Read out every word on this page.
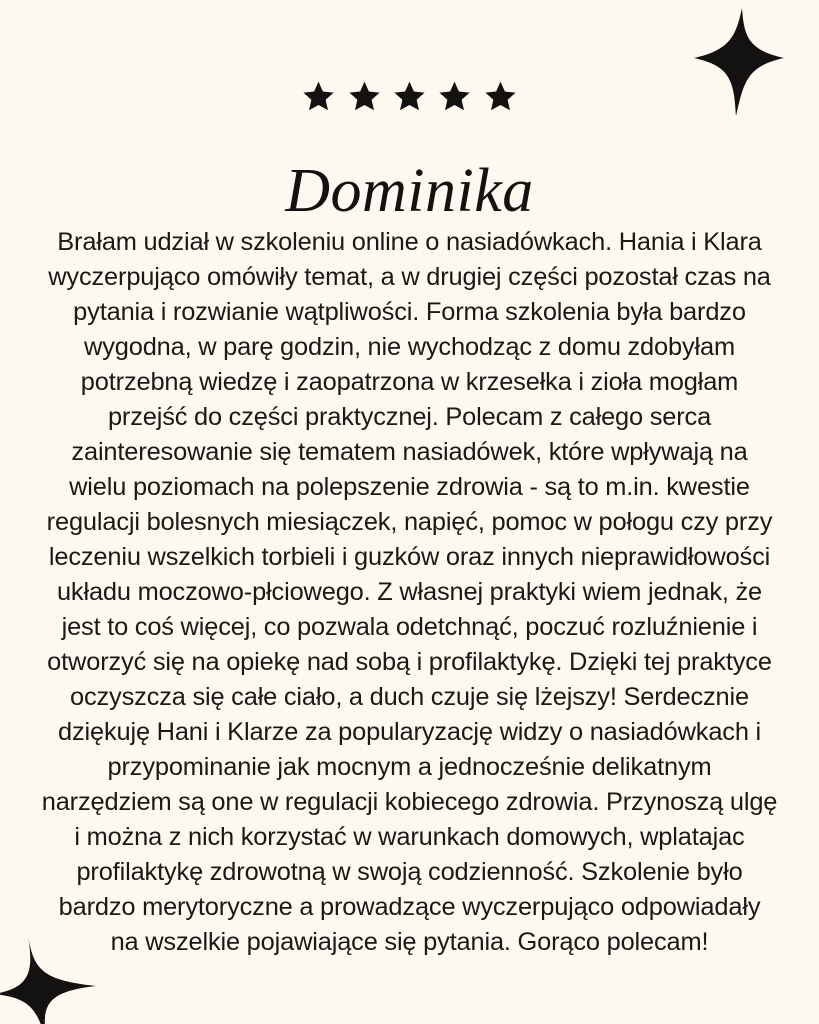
Dominika
Brałam udział w szkoleniu online o nasiadówkach. Hania i Klara
wyczerpująco omówiły temat, a w drugiej części pozostał czas na
pytania i rozwianie wątpliwości. Forma szkolenia była bardzo
wygodna, w parę godzin, nie wychodząc z domu zdobyłam
potrzebną wiedzę i zaopatrzona w krzesełka i zioła mogłam
przejść do części praktycznej. Polecam z całego serca
zainteresowanie się tematem nasiadówek, które wpływają na
wielu poziomach na polepszenie zdrowia - są to m.in. kwestie
regulacji bolesnych miesiączek, napięć, pomoc w połogu czy przy
leczeniu wszelkich torbieli i guzków oraz innych nieprawidłowości
układu moczowo-płciowego. Z własnej praktyki wiem jednak, że
jest to coś więcej, co pozwala odetchnąć, poczuć rozluźnienie i
otworzyć się na opiekę nad sobą i profilaktykę. Dzięki tej praktyce
oczyszcza się całe ciało, a duch czuje się lżejszy! Serdecznie
dziękuję Hani i Klarze za popularyzację widzy o nasiadówkach i
przypominanie jak mocnym a jednocześnie delikatnym
narzędziem są one w regulacji kobiecego zdrowia. Przynoszą ulgę
i można z nich korzystać w warunkach domowych, wplatajac
profilaktykę zdrowotną w swoją codzienność. Szkolenie było
bardzo merytoryczne a prowadzące wyczerpująco odpowiadały
na wszelkie pojawiające się pytania. Gorąco polecam!
